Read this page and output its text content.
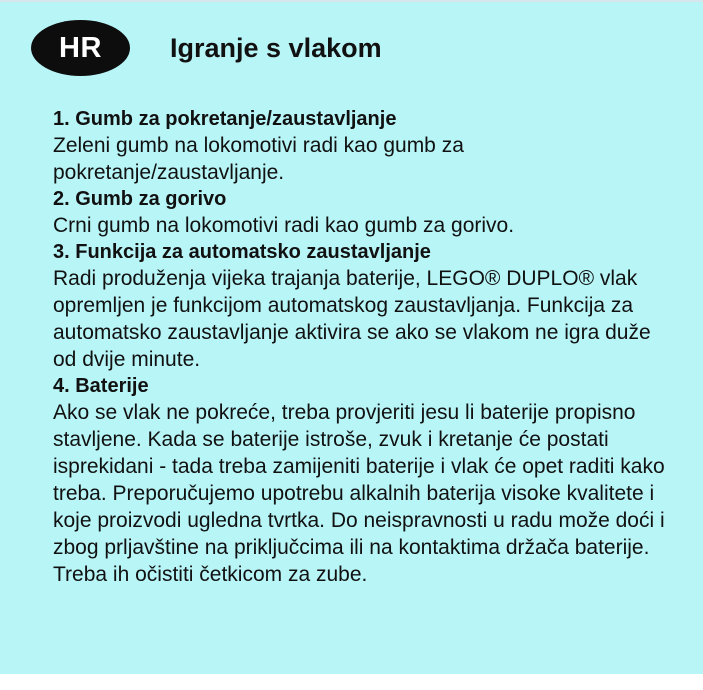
HR	Igranje s vlakom

1. Gumb za pokretanje/zaustavljanje

Zeleni gumb na lokomotivi radi kao gumb za pokretanje/zaustavljanje.

2. Gumb za gorivo

Crni gumb na lokomotivi radi kao gumb za gorivo.

3. Funkcija za automatsko zaustavljanje

Radi produženja vijeka trajanja baterije, LEGO® DUPLO® vlak opremljen je funkcijom automatskog zaustavljanja. Funkcija za automatsko zaustavljanje aktivira se ako se vlakom ne igra duže od dvije minute.

4. Baterije

Ako se vlak ne pokreće, treba provjeriti jesu li baterije propisno stavljene. Kada se baterije istroše, zvuk i kretanje će postati isprekidani - tada treba zamijeniti baterije i vlak će opet raditi kako treba. Preporučujemo upotrebu alkalnih baterija visoke kvalitete i koje proizvodi ugledna tvrtka. Do neispravnosti u radu može doći i zbog prljavštine na priključcima ili na kontaktima držača baterije. Treba ih očistiti četkicom za zube.
